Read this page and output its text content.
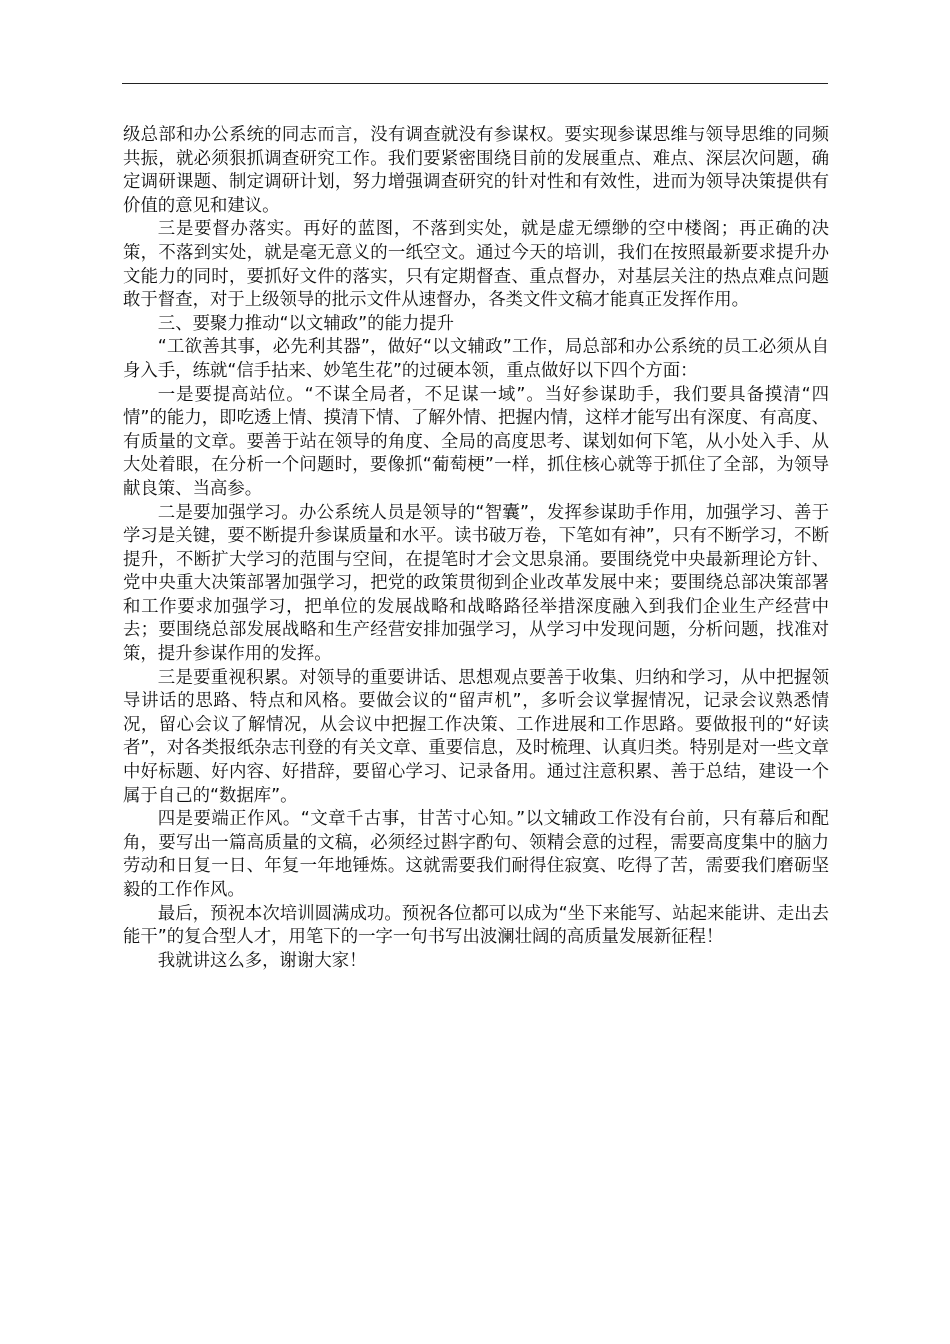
级总部和办公系统的同志而言，没有调查就没有参谋权。要实现参谋思维与领导思维的同频共振，就必须狠抓调查研究工作。我们要紧密围绕目前的发展重点、难点、深层次问题，确定调研课题、制定调研计划，努力增强调查研究的针对性和有效性，进而为领导决策提供有价值的意见和建议。

三是要督办落实。再好的蓝图，不落到实处，就是虚无缥缈的空中楼阁；再正确的决策，不落到实处，就是毫无意义的一纸空文。通过今天的培训，我们在按照最新要求提升办文能力的同时，要抓好文件的落实，只有定期督查、重点督办，对基层关注的热点难点问题敢于督查，对于上级领导的批示文件从速督办，各类文件文稿才能真正发挥作用。

三、要聚力推动“以文辅政”的能力提升

“工欲善其事，必先利其器”，做好“以文辅政”工作，局总部和办公系统的员工必须从自身入手，练就“信手拈来、妙笔生花”的过硬本领，重点做好以下四个方面：

一是要提高站位。“不谋全局者，不足谋一域”。当好参谋助手，我们要具备摸清“四情”的能力，即吃透上情、摸清下情、了解外情、把握内情，这样才能写出有深度、有高度、有质量的文章。要善于站在领导的角度、全局的高度思考、谋划如何下笔，从小处入手、从大处着眼，在分析一个问题时，要像抓“葡萄梗”一样，抓住核心就等于抓住了全部，为领导献良策、当高参。

二是要加强学习。办公系统人员是领导的“智囊”，发挥参谋助手作用，加强学习、善于学习是关键，要不断提升参谋质量和水平。读书破万卷，下笔如有神”，只有不断学习，不断提升，不断扩大学习的范围与空间，在提笔时才会文思泉涌。要围绕党中央最新理论方针、党中央重大决策部署加强学习，把党的政策贯彻到企业改革发展中来；要围绕总部决策部署和工作要求加强学习，把单位的发展战略和战略路径举措深度融入到我们企业生产经营中去；要围绕总部发展战略和生产经营安排加强学习，从学习中发现问题，分析问题，找准对策，提升参谋作用的发挥。

三是要重视积累。对领导的重要讲话、思想观点要善于收集、归纳和学习，从中把握领导讲话的思路、特点和风格。要做会议的“留声机”，多听会议掌握情况，记录会议熟悉情况，留心会议了解情况，从会议中把握工作决策、工作进展和工作思路。要做报刊的“好读者”，对各类报纸杂志刊登的有关文章、重要信息，及时梳理、认真归类。特别是对一些文章中好标题、好内容、好措辞，要留心学习、记录备用。通过注意积累、善于总结，建设一个属于自己的“数据库”。

四是要端正作风。“文章千古事，甘苦寸心知。”以文辅政工作没有台前，只有幕后和配角，要写出一篇高质量的文稿，必须经过斟字酌句、领精会意的过程，需要高度集中的脑力劳动和日复一日、年复一年地锤炼。这就需要我们耐得住寂寞、吃得了苦，需要我们磨砺坚毅的工作作风。

最后，预祝本次培训圆满成功。预祝各位都可以成为“坐下来能写、站起来能讲、走出去能干”的复合型人才，用笔下的一字一句书写出波澜壮阔的高质量发展新征程！

我就讲这么多，谢谢大家！
